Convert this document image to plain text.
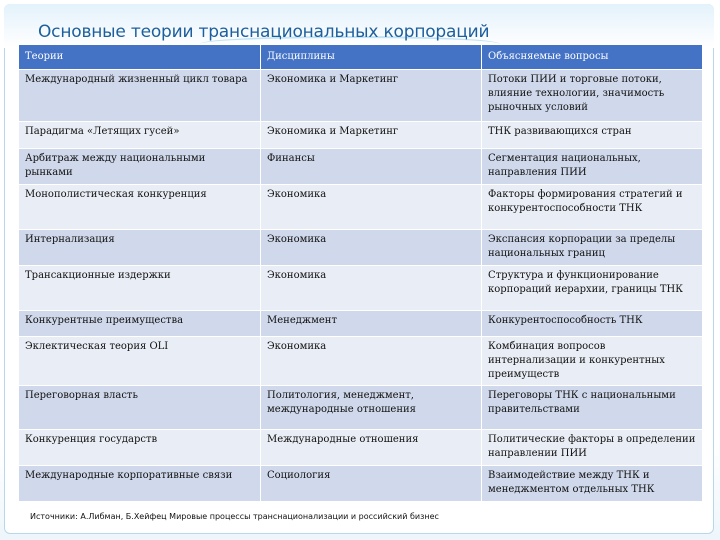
Основные теории транснациональных корпораций
Теории	Дисциплины	Объясняемые вопросы
Международный жизненный цикл товара	Экономика и Маркетинг	Потоки ПИИ и торговые потоки, влияние технологии, значимость рыночных условий
Парадигма «Летящих гусей»	Экономика и Маркетинг	ТНК развивающихся стран
Арбитраж между национальными рынками	Финансы	Сегментация национальных, направления ПИИ
Монополистическая конкуренция	Экономика	Факторы формирования стратегий и конкурентоспособности ТНК
Интернализация	Экономика	Экспансия корпорации за пределы национальных границ
Трансакционные издержки	Экономика	Структура и функционирование корпораций иерархии, границы ТНК
Конкурентные преимущества	Менеджмент	Конкурентоспособность ТНК
Эклектическая теория OLI	Экономика	Комбинация вопросов интернализации и конкурентных преимуществ
Переговорная власть	Политология, менеджмент, международные отношения	Переговоры ТНК с национальными правительствами
Конкуренция государств	Международные отношения	Политические факторы в определении направлении ПИИ
Международные корпоративные связи	Социология	Взаимодействие между ТНК и менеджментом отдельных ТНК
Источники: А.Либман, Б.Хейфец Мировые процессы транснационализации и российский бизнес
